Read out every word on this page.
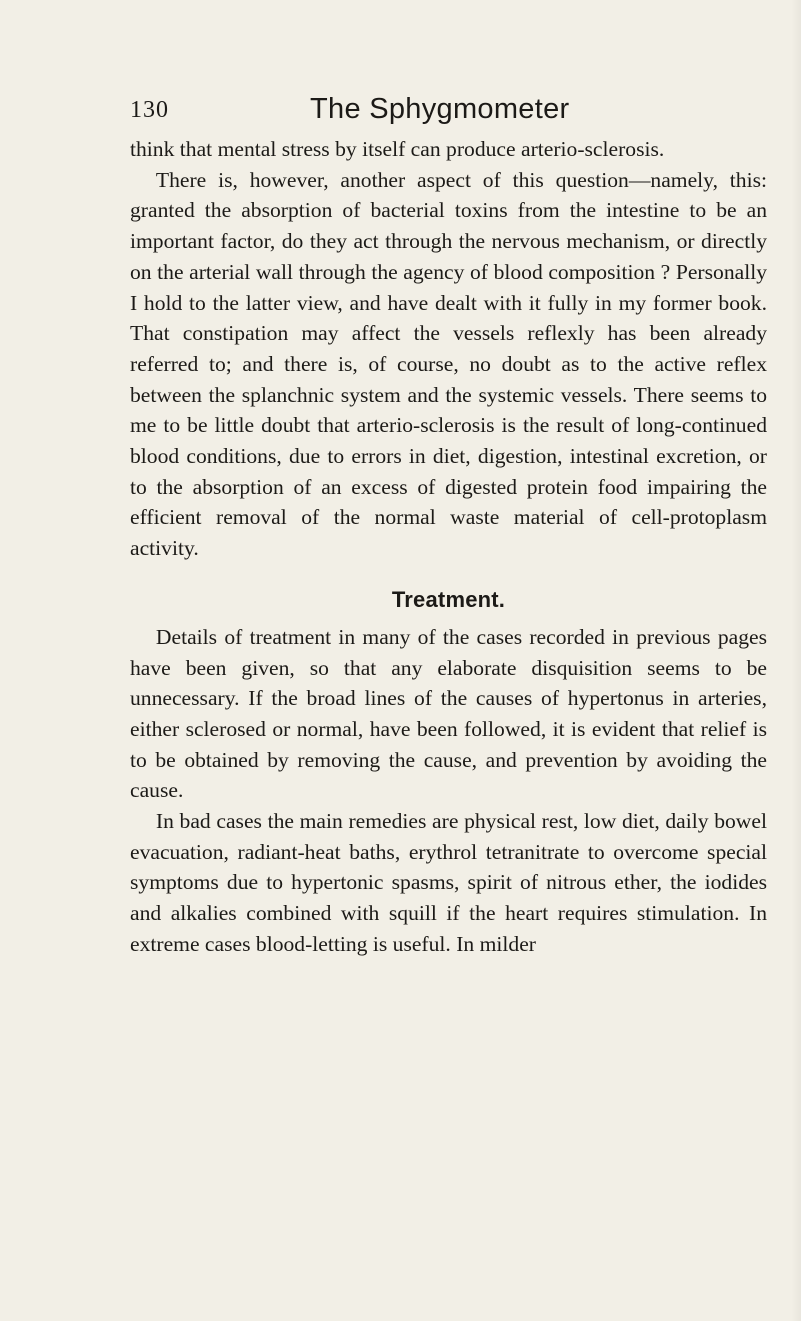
130	The Sphygmometer

think that mental stress by itself can produce arterio-sclerosis.

There is, however, another aspect of this question—namely, this: granted the absorption of bacterial toxins from the intestine to be an important factor, do they act through the nervous mechanism, or directly on the arterial wall through the agency of blood composition ? Personally I hold to the latter view, and have dealt with it fully in my former book. That constipation may affect the vessels reflexly has been already referred to; and there is, of course, no doubt as to the active reflex between the splanchnic system and the systemic vessels. There seems to me to be little doubt that arterio-sclerosis is the result of long-continued blood conditions, due to errors in diet, digestion, intestinal excretion, or to the absorption of an excess of digested protein food impairing the efficient removal of the normal waste material of cell-protoplasm activity.

Treatment.

Details of treatment in many of the cases recorded in previous pages have been given, so that any elaborate disquisition seems to be unnecessary. If the broad lines of the causes of hypertonus in arteries, either sclerosed or normal, have been followed, it is evident that relief is to be obtained by removing the cause, and prevention by avoiding the cause.

In bad cases the main remedies are physical rest, low diet, daily bowel evacuation, radiant-heat baths, erythrol tetranitrate to overcome special symptoms due to hypertonic spasms, spirit of nitrous ether, the iodides and alkalies combined with squill if the heart requires stimulation. In extreme cases blood-letting is useful. In milder
